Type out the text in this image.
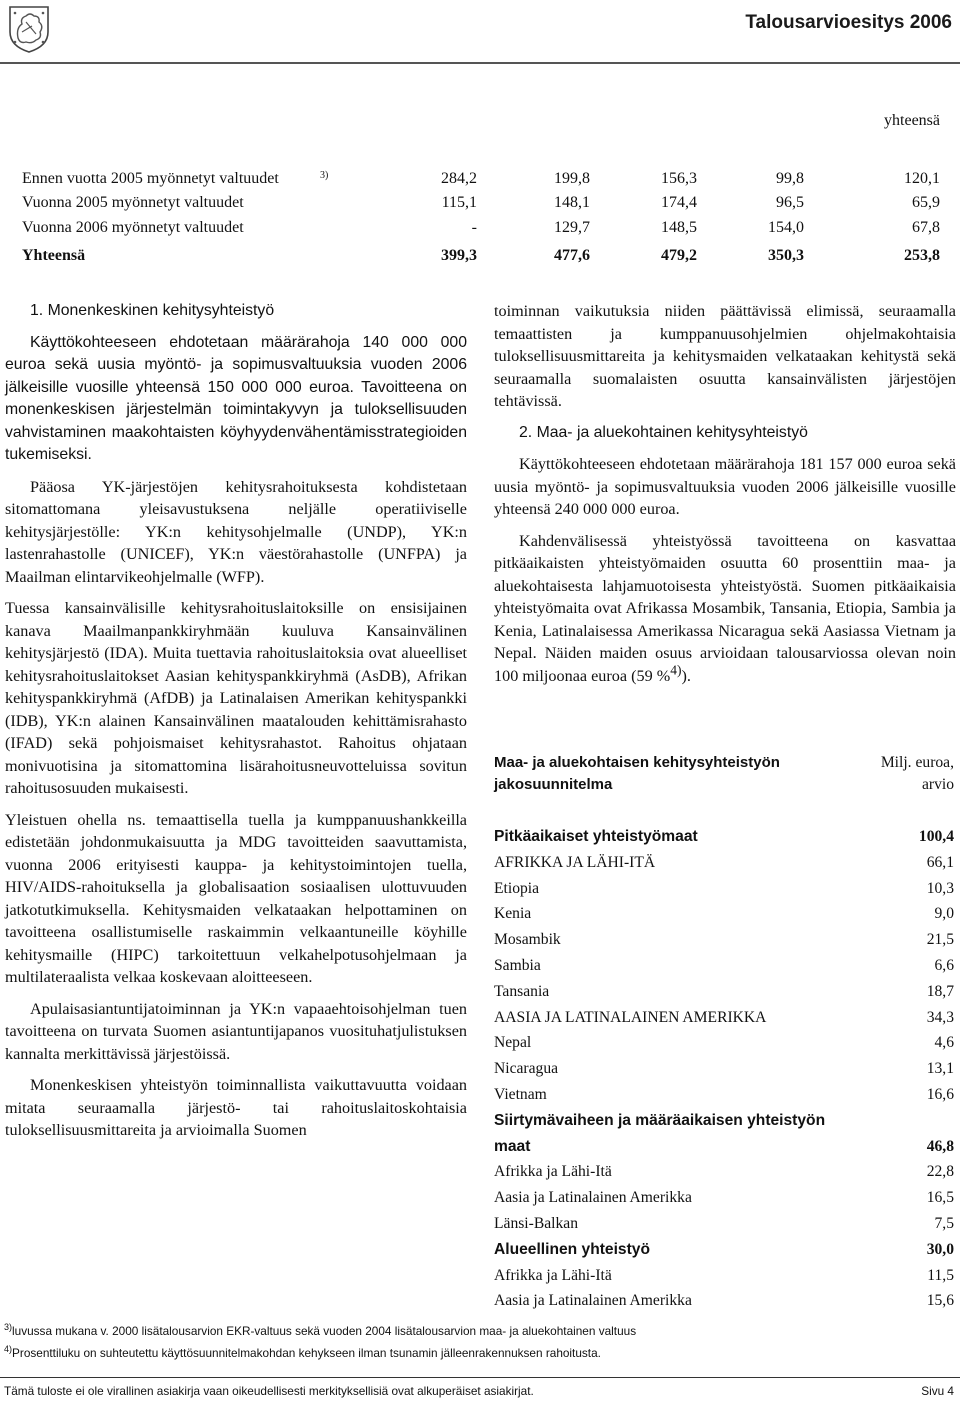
Talousarvioesitys 2006
yhteensä
Ennen vuotta 2005 myönnetyt valtuudet	3)	284,2	199,8	156,3	99,8	120,1
Vuonna 2005 myönnetyt valtuudet	115,1	148,1	174,4	96,5	65,9
Vuonna 2006 myönnetyt valtuudet	-	129,7	148,5	154,0	67,8
Yhteensä	399,3	477,6	479,2	350,3	253,8

1. Monenkeskinen kehitysyhteistyö

Käyttökohteeseen ehdotetaan määrärahoja 140 000 000 euroa sekä uusia myöntö- ja sopimusvaltuuksia vuoden 2006 jälkeisille vuosille yhteensä 150 000 000 euroa. Tavoitteena on monenkeskisen järjestelmän toimintakyvyn ja tuloksellisuuden vahvistaminen maakohtaisten köyhyydenvähentämisstrategioiden tukemiseksi.

Pääosa YK-järjestöjen kehitysrahoituksesta kohdistetaan sitomattomana yleisavustuksena neljälle operatiiviselle kehitysjärjestölle: YK:n kehitysohjelmalle (UNDP), YK:n lastenrahastolle (UNICEF), YK:n väestörahastolle (UNFPA) ja Maailman elintarvikeohjelmalle (WFP).

Tuessa kansainvälisille kehitysrahoituslaitoksille on ensisijainen kanava Maailmanpankkiryhmään kuuluva Kansainvälinen kehitysjärjestö (IDA). Muita tuettavia rahoituslaitoksia ovat alueelliset kehitysrahoituslaitokset Aasian kehityspankkiryhmä (AsDB), Afrikan kehityspankkiryhmä (AfDB) ja Latinalaisen Amerikan kehityspankki (IDB), YK:n alainen Kansainvälinen maatalouden kehittämisrahasto (IFAD) sekä pohjoismaiset kehitysrahastot. Rahoitus ohjataan monivuotisina ja sitomattomina lisärahoitusneuvotteluissa sovitun rahoitusosuuden mukaisesti.

Yleistuen ohella ns. temaattisella tuella ja kumppanuushankkeilla edistetään johdonmukaisuutta ja MDG tavoitteiden saavuttamista, vuonna 2006 erityisesti kauppa- ja kehitystoimintojen tuella, HIV/AIDS-rahoituksella ja globalisaation sosiaalisen ulottuvuuden jatkotutkimuksella. Kehitysmaiden velkataakan helpottaminen on tavoitteena osallistumiselle raskaimmin velkaantuneille köyhille kehitysmaille (HIPC) tarkoitettuun velkahelpotusohjelmaan ja multilateraalista velkaa koskevaan aloitteeseen.

Apulaisasiantuntijatoiminnan ja YK:n vapaaehtoisohjelman tuen tavoitteena on turvata Suomen asiantuntijapanos vuosituhatjulistuksen kannalta merkittävissä järjestöissä.

Monenkeskisen yhteistyön toiminnallista vaikuttavuutta voidaan mitata seuraamalla järjestö- tai rahoituslaitoskohtaisia tuloksellisuusmittareita ja arvioimalla Suomen

toiminnan vaikutuksia niiden päättävissä elimissä, seuraamalla temaattisten ja kumppanuusohjelmien ohjelmakohtaisia tuloksellisuusmittareita ja kehitysmaiden velkataakan kehitystä sekä seuraamalla suomalaisten osuutta kansainvälisten järjestöjen tehtävissä.

2. Maa- ja aluekohtainen kehitysyhteistyö

Käyttökohteeseen ehdotetaan määrärahoja 181 157 000 euroa sekä uusia myöntö- ja sopimusvaltuuksia vuoden 2006 jälkeisille vuosille yhteensä 240 000 000 euroa.

Kahdenvälisessä yhteistyössä tavoitteena on kasvattaa pitkäaikaisten yhteistyömaiden osuutta 60 prosenttiin maa- ja aluekohtaisesta lahjamuotoisesta yhteistyöstä. Suomen pitkäaikaisia yhteistyömaita ovat Afrikassa Mosambik, Tansania, Etiopia, Sambia ja Kenia, Latinalaisessa Amerikassa Nicaragua sekä Aasiassa Vietnam ja Nepal. Näiden maiden osuus arvioidaan talousarviossa olevan noin 100 miljoonaa euroa (59 %$^{4)}$).

Maa- ja aluekohtaisen kehitysyhteistyön jakosuunnitelma
Milj. euroa,
arvio
Pitkäaikaiset yhteistyömaat	100,4
AFRIKKA JA LÄHI-ITÄ	66,1
Etiopia	10,3
Kenia	9,0
Mosambik	21,5
Sambia	6,6
Tansania	18,7
AASIA JA LATINALAINEN AMERIKKA	34,3
Nepal	4,6
Nicaragua	13,1
Vietnam	16,6
Siirtymävaiheen ja määräaikaisen yhteistyön
maat	46,8
Afrikka ja Lähi-Itä	22,8
Aasia ja Latinalainen Amerikka	16,5
Länsi-Balkan	7,5
Alueellinen yhteistyö	30,0
Afrikka ja Lähi-Itä	11,5
Aasia ja Latinalainen Amerikka	15,6
$^{3)}$luvussa mukana v. 2000 lisätalousarvion EKR-valtuus sekä vuoden 2004 lisätalousarvion maa- ja aluekohtainen valtuus
$^{4)}$Prosenttiluku on suhteutettu käyttösuunnitelmakohdan kehykseen ilman tsunamin jälleenrakennuksen rahoitusta.
Tämä tuloste ei ole virallinen asiakirja vaan oikeudellisesti merkityksellisiä ovat alkuperäiset asiakirjat.	Sivu 4
